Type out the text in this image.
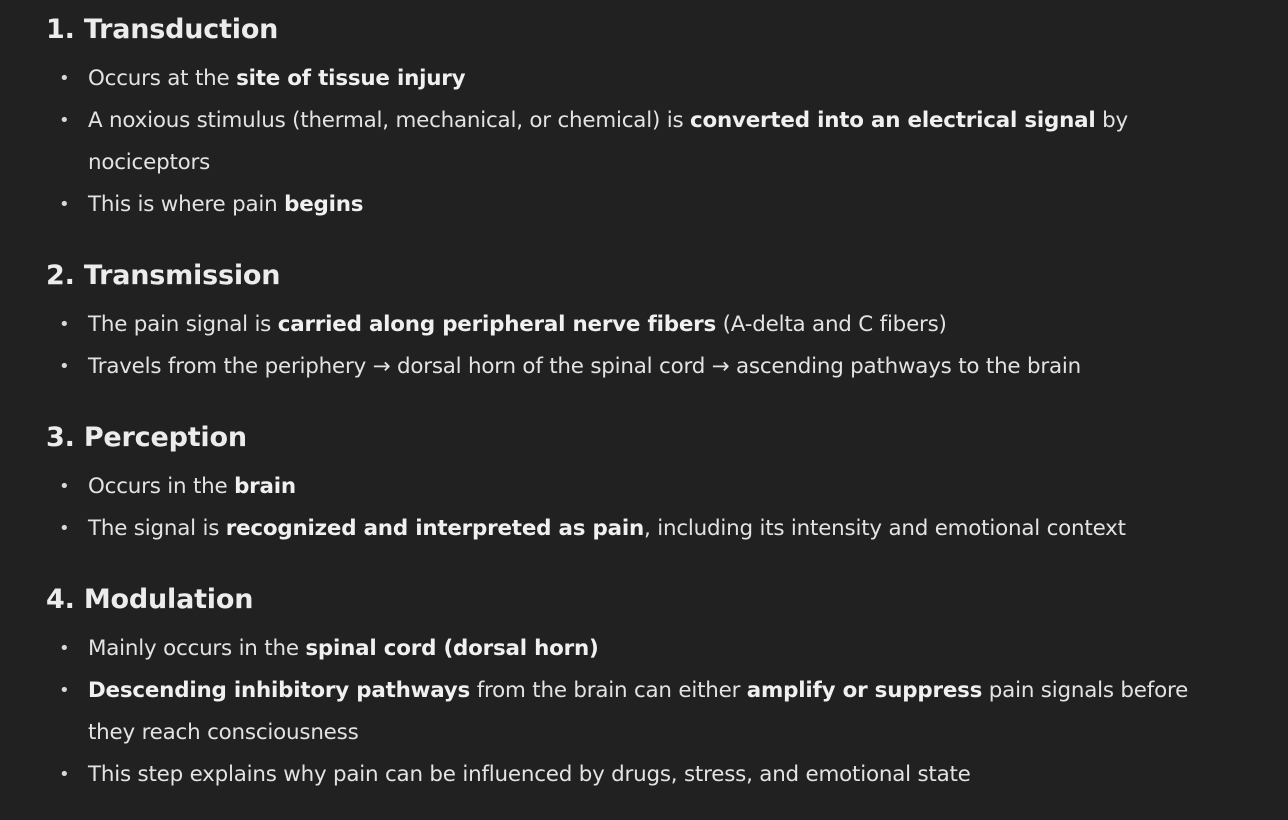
1. Transduction
• Occurs at the site of tissue injury
• A noxious stimulus (thermal, mechanical, or chemical) is converted into an electrical signal by nociceptors
• This is where pain begins
2. Transmission
• The pain signal is carried along peripheral nerve fibers (A-delta and C fibers)
• Travels from the periphery → dorsal horn of the spinal cord → ascending pathways to the brain
3. Perception
• Occurs in the brain
• The signal is recognized and interpreted as pain, including its intensity and emotional context
4. Modulation
• Mainly occurs in the spinal cord (dorsal horn)
• Descending inhibitory pathways from the brain can either amplify or suppress pain signals before they reach consciousness
• This step explains why pain can be influenced by drugs, stress, and emotional state
